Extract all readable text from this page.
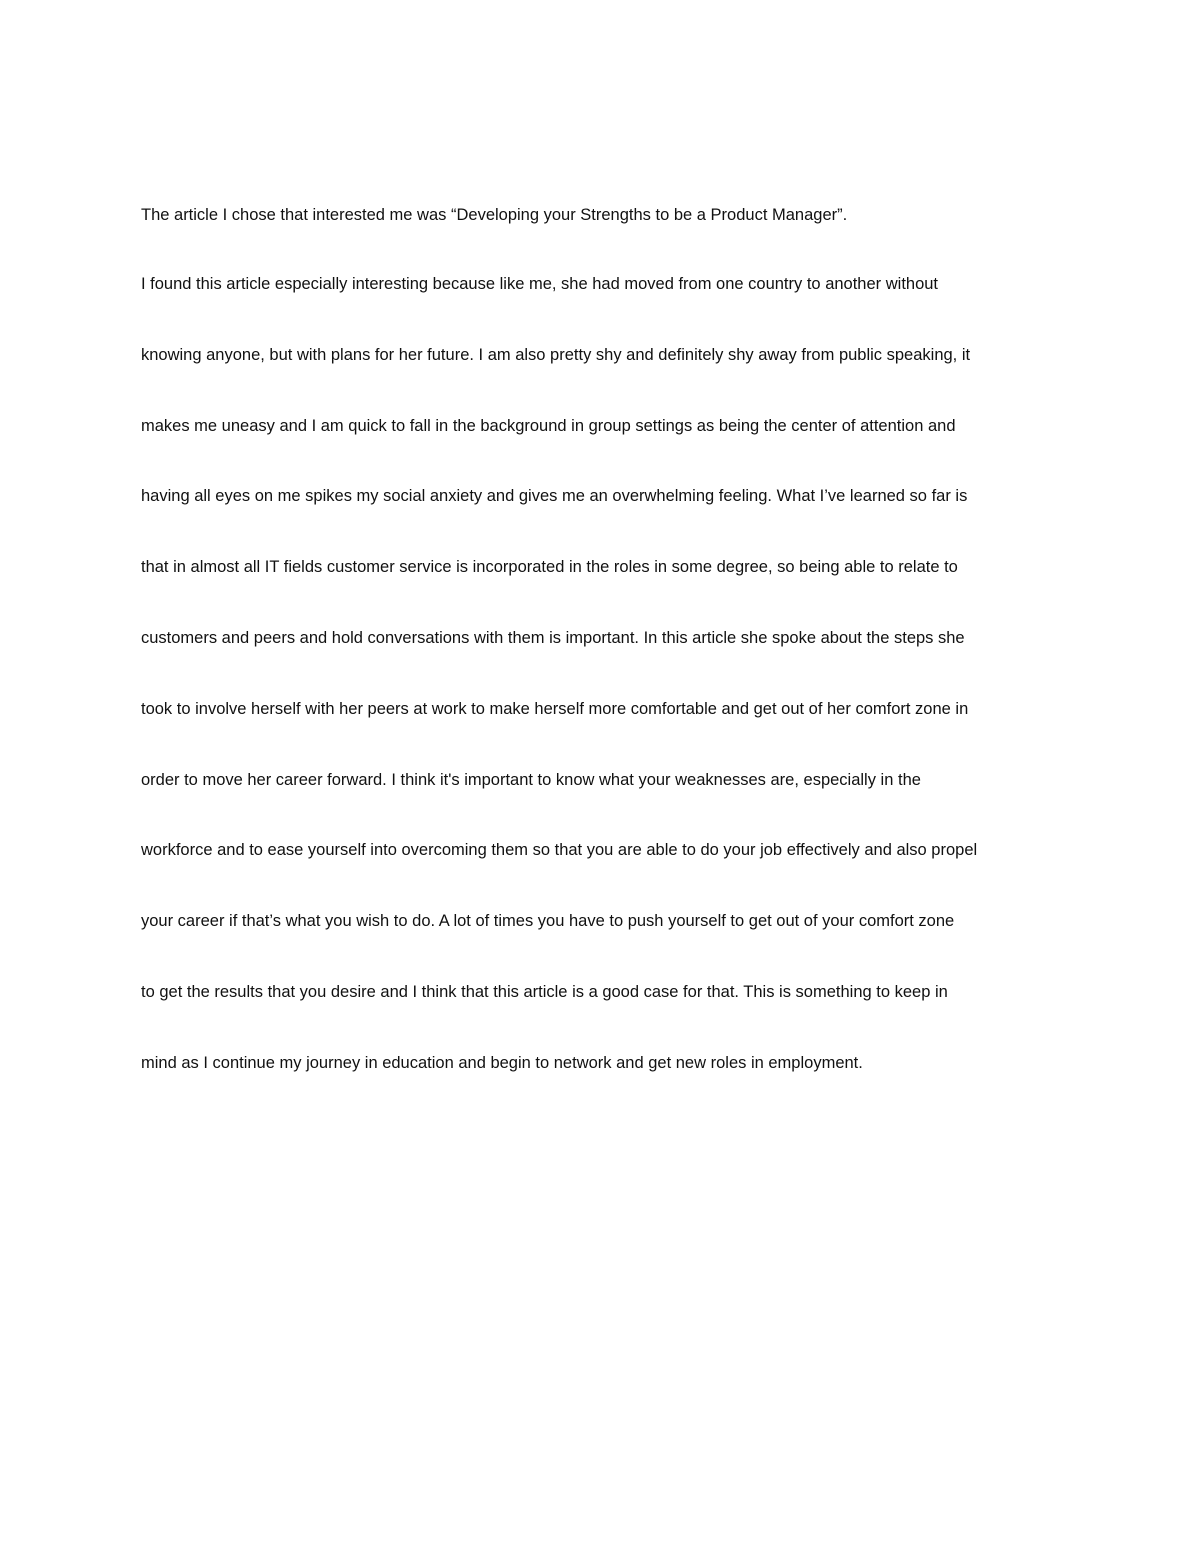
The article I chose that interested me was “Developing your Strengths to be a Product Manager”.
I found this article especially interesting because like me, she had moved from one country to another without
knowing anyone, but with plans for her future. I am also pretty shy and definitely shy away from public speaking, it
makes me uneasy and I am quick to fall in the background in group settings as being the center of attention and
having all eyes on me spikes my social anxiety and gives me an overwhelming feeling. What I’ve learned so far is
that in almost all IT fields customer service is incorporated in the roles in some degree, so being able to relate to
customers and peers and hold conversations with them is important. In this article she spoke about the steps she
took to involve herself with her peers at work to make herself more comfortable and get out of her comfort zone in
order to move her career forward. I think it's important to know what your weaknesses are, especially in the
workforce and to ease yourself into overcoming them so that you are able to do your job effectively and also propel
your career if that’s what you wish to do. A lot of times you have to push yourself to get out of your comfort zone
to get the results that you desire and I think that this article is a good case for that. This is something to keep in
mind as I continue my journey in education and begin to network and get new roles in employment.
